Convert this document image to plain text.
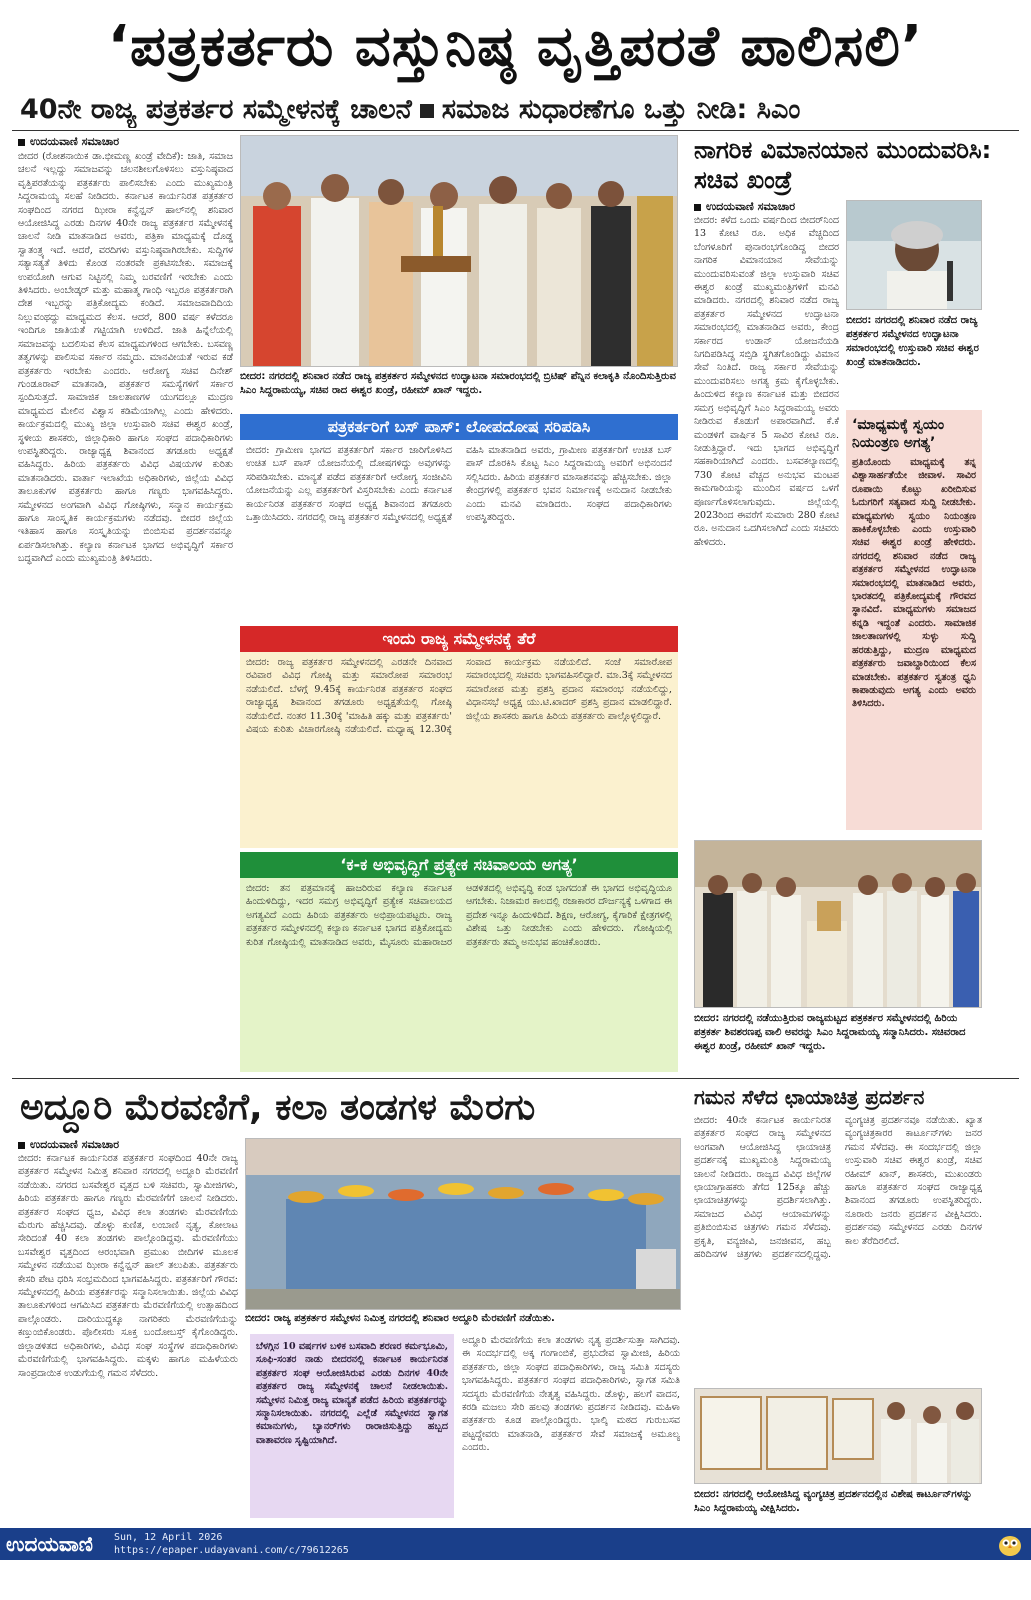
‘ಪತ್ರಕರ್ತರು ವಸ್ತುನಿಷ್ಠ ವೃತ್ತಿಪರತೆ ಪಾಲಿಸಲಿ’
40ನೇ ರಾಜ್ಯ ಪತ್ರಕರ್ತರ ಸಮ್ಮೇಳನಕ್ಕೆ ಚಾಲನೆ ಸಮಾಜ ಸುಧಾರಣೆಗೂ ಒತ್ತು ನೀಡಿ: ಸಿಎಂ
ಉದಯವಾಣಿ ಸಮಾಚಾರ
ಬೀದರ (ರೋಶನಾಯಿಕ ಡಾ.ಭೀಮಣ್ಣ ಖಂಡ್ರೆ ವೇದಿಕೆ): ಜಾತಿ, ಸಮಾಜ ಚಲನೆ ಇಲ್ಲದ್ದು ಸಮಾಜವನ್ನು ಚಲನಶೀಲಗೊಳಿಸಲು ವಸ್ತುನಿಷ್ಠವಾದ ವೃತ್ತಿಪರತೆಯನ್ನು ಪತ್ರಕರ್ತರು ಪಾಲಿಸಬೇಕು ಎಂದು ಮುಖ್ಯಮಂತ್ರಿ ಸಿದ್ದರಾಮಯ್ಯ ಸಲಹೆ ನೀಡಿದರು. ಕರ್ನಾಟಕ ಕಾರ್ಯನಿರತ ಪತ್ರಕರ್ತರ ಸಂಘದಿಂದ ನಗರದ ಝೀರಾ ಕನ್ವೆನ್ಷನ್ ಹಾಲ್‌ನಲ್ಲಿ ಶನಿವಾರ ಆಯೋಜಿಸಿದ್ದ ಎರಡು ದಿನಗಳ 40ನೇ ರಾಜ್ಯ ಪತ್ರಕರ್ತರ ಸಮ್ಮೇಳನಕ್ಕೆ ಚಾಲನೆ ನೀಡಿ ಮಾತನಾಡಿದ ಅವರು, ಪತ್ರಿಕಾ ಮಾಧ್ಯಮಕ್ಕೆ ದೊಡ್ಡ ಸ್ವಾತಂತ್ರ್ಯ ಇದೆ. ಆದರೆ, ವರದಿಗಳು ವಸ್ತುನಿಷ್ಠವಾಗಿರಬೇಕು. ಸುದ್ದಿಗಳ ಸತ್ಯಾಸತ್ಯತೆ ತಿಳಿದು ಕೊಂಡ ನಂತರವೇ ಪ್ರಕಟಿಸಬೇಕು. ಸಮಾಜಕ್ಕೆ ಉಪಯೋಗಿ ಆಗುವ ನಿಟ್ಟಿನಲ್ಲಿ ನಿಮ್ಮ ಬರವಣಿಗೆ ಇರಬೇಕು ಎಂದು ತಿಳಿಸಿದರು. ಅಂಬೇಡ್ಕರ್ ಮತ್ತು ಮಹಾತ್ಮ ಗಾಂಧಿ ಇಬ್ಬರೂ ಪತ್ರಕರ್ತರಾಗಿ ದೇಶ ಇಬ್ಬರನ್ನು ಪತ್ರಿಕೋದ್ಯಮ ಕಂಡಿದೆ. ಸಮಾಜವಾದಿದಿಯ ನಿಲ್ಲುವಂಥದ್ದು ಮಾಧ್ಯಮದ ಕೆಲಸ. ಆದರೆ, 800 ವರ್ಷ ಕಳೆದರೂ ಇಂದಿಗೂ ಜಾತಿಯತೆ ಗಟ್ಟಿಯಾಗಿ ಉಳಿದಿದೆ. ಜಾತಿ ಹಿನ್ನೆಲೆಯಲ್ಲಿ ಸಮಾಜವನ್ನು ಬದಲಿಸುವ ಕೆಲಸ ಮಾಧ್ಯಮಗಳಿಂದ ಆಗಬೇಕು. ಬಸವಣ್ಣ ತತ್ವಗಳನ್ನು ಪಾಲಿಸುವ ಸರ್ಕಾರ ನಮ್ಮದು. ಮಾನವೀಯತೆ ಇರುವ ಕಡೆ ಪತ್ರಕರ್ತರು ಇರಬೇಕು ಎಂದರು. ಆರೋಗ್ಯ ಸಚಿವ ದಿನೇಶ್ ಗುಂಡೂರಾವ್ ಮಾತನಾಡಿ, ಪತ್ರಕರ್ತರ ಸಮಸ್ಯೆಗಳಿಗೆ ಸರ್ಕಾರ ಸ್ಪಂದಿಸುತ್ತದೆ. ಸಾಮಾಜಿಕ ಜಾಲತಾಣಗಳ ಯುಗದಲ್ಲೂ ಮುದ್ರಣ ಮಾಧ್ಯಮದ ಮೇಲಿನ ವಿಶ್ವಾಸ ಕಡಿಮೆಯಾಗಿಲ್ಲ ಎಂದು ಹೇಳಿದರು. ಕಾರ್ಯಕ್ರಮದಲ್ಲಿ ಮುಖ್ಯ ಜಿಲ್ಲಾ ಉಸ್ತುವಾರಿ ಸಚಿವ ಈಶ್ವರ ಖಂಡ್ರೆ, ಸ್ಥಳೀಯ ಶಾಸಕರು, ಜಿಲ್ಲಾಧಿಕಾರಿ ಹಾಗೂ ಸಂಘದ ಪದಾಧಿಕಾರಿಗಳು ಉಪಸ್ಥಿತರಿದ್ದರು. ರಾಜ್ಯಾಧ್ಯಕ್ಷ ಶಿವಾನಂದ ತಗಡೂರು ಅಧ್ಯಕ್ಷತೆ ವಹಿಸಿದ್ದರು. ಹಿರಿಯ ಪತ್ರಕರ್ತರು ವಿವಿಧ ವಿಷಯಗಳ ಕುರಿತು ಮಾತನಾಡಿದರು. ವಾರ್ತಾ ಇಲಾಖೆಯ ಅಧಿಕಾರಿಗಳು, ಜಿಲ್ಲೆಯ ವಿವಿಧ ತಾಲೂಕುಗಳ ಪತ್ರಕರ್ತರು ಹಾಗೂ ಗಣ್ಯರು ಭಾಗವಹಿಸಿದ್ದರು. ಸಮ್ಮೇಳನದ ಅಂಗವಾಗಿ ವಿವಿಧ ಗೋಷ್ಠಿಗಳು, ಸನ್ಮಾನ ಕಾರ್ಯಕ್ರಮ ಹಾಗೂ ಸಾಂಸ್ಕೃತಿಕ ಕಾರ್ಯಕ್ರಮಗಳು ನಡೆದವು. ಬೀದರ ಜಿಲ್ಲೆಯ ಇತಿಹಾಸ ಹಾಗೂ ಸಂಸ್ಕೃತಿಯನ್ನು ಬಿಂಬಿಸುವ ಪ್ರದರ್ಶನವನ್ನೂ ಏರ್ಪಡಿಸಲಾಗಿತ್ತು. ಕಲ್ಯಾಣ ಕರ್ನಾಟಕ ಭಾಗದ ಅಭಿವೃದ್ಧಿಗೆ ಸರ್ಕಾರ ಬದ್ಧವಾಗಿದೆ ಎಂದು ಮುಖ್ಯಮಂತ್ರಿ ತಿಳಿಸಿದರು.
ಬೀದರ: ನಗರದಲ್ಲಿ ಶನಿವಾರ ನಡೆದ ರಾಜ್ಯ ಪತ್ರಕರ್ತರ ಸಮ್ಮೇಳನದ ಉದ್ಘಾಟನಾ ಸಮಾರಂಭದಲ್ಲಿ ಬ್ರಿಟಿಷ್ ಪೆನ್ನಿನ ಕಲಾಕೃತಿ ನೊಂದಿಸುತ್ತಿರುವ ಸಿಎಂ ಸಿದ್ದರಾಮಯ್ಯ, ಸಚಿವ ರಾದ ಈಶ್ವರ ಖಂಡ್ರೆ, ರಹೀಮ್ ಖಾನ್ ಇದ್ದರು.
ಪತ್ರಕರ್ತರಿಗೆ ಬಸ್ ಪಾಸ್: ಲೋಪದೋಷ ಸರಿಪಡಿಸಿ
ಬೀದರ: ಗ್ರಾಮೀಣ ಭಾಗದ ಪತ್ರಕರ್ತರಿಗೆ ಸರ್ಕಾರ ಜಾರಿಗೊಳಿಸಿದ ಉಚಿತ ಬಸ್ ಪಾಸ್ ಯೋಜನೆಯಲ್ಲಿ ದೋಷಗಳಿದ್ದು ಅವುಗಳನ್ನು ಸರಿಪಡಿಸಬೇಕು. ಮಾನ್ಯತೆ ಪಡೆದ ಪತ್ರಕರ್ತರಿಗೆ ಆರೋಗ್ಯ ಸಂಜೀವಿನಿ ಯೋಜನೆಯನ್ನು ಎಲ್ಲ ಪತ್ರಕರ್ತರಿಗೆ ವಿಸ್ತರಿಸಬೇಕು ಎಂದು ಕರ್ನಾಟಕ ಕಾರ್ಯನಿರತ ಪತ್ರಕರ್ತರ ಸಂಘದ ಅಧ್ಯಕ್ಷ ಶಿವಾನಂದ ತಗಡೂರು ಒತ್ತಾಯಿಸಿದರು. ನಗರದಲ್ಲಿ ರಾಜ್ಯ ಪತ್ರಕರ್ತರ ಸಮ್ಮೇಳನದಲ್ಲಿ ಅಧ್ಯಕ್ಷತೆ ವಹಿಸಿ ಮಾತನಾಡಿದ ಅವರು, ಗ್ರಾಮೀಣ ಪತ್ರಕರ್ತರಿಗೆ ಉಚಿತ ಬಸ್ ಪಾಸ್ ದೊರಕಿಸಿ ಕೊಟ್ಟ ಸಿಎಂ ಸಿದ್ದರಾಮಯ್ಯ ಅವರಿಗೆ ಅಭಿನಂದನೆ ಸಲ್ಲಿಸಿದರು. ಹಿರಿಯ ಪತ್ರಕರ್ತರ ಮಾಸಾಶನವನ್ನು ಹೆಚ್ಚಿಸಬೇಕು. ಜಿಲ್ಲಾ ಕೇಂದ್ರಗಳಲ್ಲಿ ಪತ್ರಕರ್ತರ ಭವನ ನಿರ್ಮಾಣಕ್ಕೆ ಅನುದಾನ ನೀಡಬೇಕು ಎಂದು ಮನವಿ ಮಾಡಿದರು. ಸಂಘದ ಪದಾಧಿಕಾರಿಗಳು ಉಪಸ್ಥಿತರಿದ್ದರು.
ಇಂದು ರಾಜ್ಯ ಸಮ್ಮೇಳನಕ್ಕೆ ತೆರೆ
ಬೀದರ: ರಾಜ್ಯ ಪತ್ರಕರ್ತರ ಸಮ್ಮೇಳನದಲ್ಲಿ ಎರಡನೇ ದಿನವಾದ ರವಿವಾರ ವಿವಿಧ ಗೋಷ್ಠಿ ಮತ್ತು ಸಮಾರೋಪ ಸಮಾರಂಭ ನಡೆಯಲಿದೆ. ಬೆಳಗ್ಗೆ 9.45ಕ್ಕೆ ಕಾರ್ಯನಿರತ ಪತ್ರಕರ್ತರ ಸಂಘದ ರಾಜ್ಯಾಧ್ಯಕ್ಷ ಶಿವಾನಂದ ತಗಡೂರು ಅಧ್ಯಕ್ಷತೆಯಲ್ಲಿ ಗೋಷ್ಠಿ ನಡೆಯಲಿದೆ. ನಂತರ 11.30ಕ್ಕೆ 'ಮಾಹಿತಿ ಹಕ್ಕು ಮತ್ತು ಪತ್ರಕರ್ತರು' ವಿಷಯ ಕುರಿತು ವಿಚಾರಗೋಷ್ಠಿ ನಡೆಯಲಿದೆ. ಮಧ್ಯಾಹ್ನ 12.30ಕ್ಕೆ ಸಂವಾದ ಕಾರ್ಯಕ್ರಮ ನಡೆಯಲಿದೆ. ಸಂಜೆ ಸಮಾರೋಪ ಸಮಾರಂಭದಲ್ಲಿ ಸಚಿವರು ಭಾಗವಹಿಸಲಿದ್ದಾರೆ. ಮಾ.3ಕ್ಕೆ ಸಮ್ಮೇಳನದ ಸಮಾರೋಪ ಮತ್ತು ಪ್ರಶಸ್ತಿ ಪ್ರದಾನ ಸಮಾರಂಭ ನಡೆಯಲಿದ್ದು, ವಿಧಾನಸಭೆ ಅಧ್ಯಕ್ಷ ಯು.ಟಿ.ಖಾದರ್ ಪ್ರಶಸ್ತಿ ಪ್ರದಾನ ಮಾಡಲಿದ್ದಾರೆ. ಜಿಲ್ಲೆಯ ಶಾಸಕರು ಹಾಗೂ ಹಿರಿಯ ಪತ್ರಕರ್ತರು ಪಾಲ್ಗೊಳ್ಳಲಿದ್ದಾರೆ.
‘ಕ-ಕ ಅಭಿವೃದ್ಧಿಗೆ ಪ್ರತ್ಯೇಕ ಸಚಿವಾಲಯ ಅಗತ್ಯ’
ಬೀದರ: ತನ ಪತ್ರಮಾನಕ್ಕೆ ಹಾಜರಿರುವ ಕಲ್ಯಾಣ ಕರ್ನಾಟಕ ಹಿಂದುಳಿದಿದ್ದು, ಇದರ ಸಮಗ್ರ ಅಭಿವೃದ್ಧಿಗೆ ಪ್ರತ್ಯೇಕ ಸಚಿವಾಲಯದ ಅಗತ್ಯವಿದೆ ಎಂದು ಹಿರಿಯ ಪತ್ರಕರ್ತರು ಅಭಿಪ್ರಾಯಪಟ್ಟರು. ರಾಜ್ಯ ಪತ್ರಕರ್ತರ ಸಮ್ಮೇಳನದಲ್ಲಿ ಕಲ್ಯಾಣ ಕರ್ನಾಟಕ ಭಾಗದ ಪತ್ರಿಕೋದ್ಯಮ ಕುರಿತ ಗೋಷ್ಠಿಯಲ್ಲಿ ಮಾತನಾಡಿದ ಅವರು, ಮೈಸೂರು ಮಹಾರಾಜರ ಆಡಳಿತದಲ್ಲಿ ಅಭಿವೃದ್ಧಿ ಕಂಡ ಭಾಗದಂತೆ ಈ ಭಾಗದ ಅಭಿವೃದ್ಧಿಯೂ ಆಗಬೇಕು. ನಿಜಾಮರ ಕಾಲದಲ್ಲಿ ರಜಾಕಾರರ ದೌರ್ಜನ್ಯಕ್ಕೆ ಒಳಗಾದ ಈ ಪ್ರದೇಶ ಇನ್ನೂ ಹಿಂದುಳಿದಿದೆ. ಶಿಕ್ಷಣ, ಆರೋಗ್ಯ, ಕೈಗಾರಿಕೆ ಕ್ಷೇತ್ರಗಳಲ್ಲಿ ವಿಶೇಷ ಒತ್ತು ನೀಡಬೇಕು ಎಂದು ಹೇಳಿದರು. ಗೋಷ್ಠಿಯಲ್ಲಿ ಪತ್ರಕರ್ತರು ತಮ್ಮ ಅನುಭವ ಹಂಚಿಕೊಂಡರು.
ನಾಗರಿಕ ವಿಮಾನಯಾನ ಮುಂದುವರಿಸಿ: ಸಚಿವ ಖಂಡ್ರೆ
ಉದಯವಾಣಿ ಸಮಾಚಾರ
ಬೀದರ: ಕಳೆದ ಒಂದು ವರ್ಷದಿಂದ ಬೀದರ್‌ನಿಂದ 13 ಕೋಟಿ ರೂ. ಅಧಿಕ ವೆಚ್ಚದಿಂದ ಬೆಂಗಳೂರಿಗೆ ಪುನಾರಂಭಗೊಂಡಿದ್ದ ಬೀದರ ನಾಗರಿಕ ವಿಮಾನಯಾನ ಸೇವೆಯನ್ನು ಮುಂದುವರಿಸುವಂತೆ ಜಿಲ್ಲಾ ಉಸ್ತುವಾರಿ ಸಚಿವ ಈಶ್ವರ ಖಂಡ್ರೆ ಮುಖ್ಯಮಂತ್ರಿಗಳಿಗೆ ಮನವಿ ಮಾಡಿದರು. ನಗರದಲ್ಲಿ ಶನಿವಾರ ನಡೆದ ರಾಜ್ಯ ಪತ್ರಕರ್ತರ ಸಮ್ಮೇಳನದ ಉದ್ಘಾಟನಾ ಸಮಾರಂಭದಲ್ಲಿ ಮಾತನಾಡಿದ ಅವರು, ಕೇಂದ್ರ ಸರ್ಕಾರದ ಉಡಾನ್ ಯೋಜನೆಯಡಿ ನಿಗದಿಪಡಿಸಿದ್ದ ಸಬ್ಸಿಡಿ ಸ್ಥಗಿತಗೊಂಡಿದ್ದು ವಿಮಾನ ಸೇವೆ ನಿಂತಿದೆ. ರಾಜ್ಯ ಸರ್ಕಾರ ಸೇವೆಯನ್ನು ಮುಂದುವರಿಸಲು ಅಗತ್ಯ ಕ್ರಮ ಕೈಗೊಳ್ಳಬೇಕು. ಹಿಂದುಳಿದ ಕಲ್ಯಾಣ ಕರ್ನಾಟಕ ಮತ್ತು ಬೀದರನ ಸಮಗ್ರ ಅಭಿವೃದ್ಧಿಗೆ ಸಿಎಂ ಸಿದ್ದರಾಮಯ್ಯ ಅವರು ನೀಡಿರುವ ಕೊಡುಗೆ ಅಪಾರವಾಗಿದೆ. ಕೆ.ಕೆ ಮಂಡಳಿಗೆ ವಾರ್ಷಿಕ 5 ಸಾವಿರ ಕೋಟಿ ರೂ. ನೀಡುತ್ತಿದ್ದಾರೆ. ಇದು ಭಾಗದ ಅಭಿವೃದ್ಧಿಗೆ ಸಹಕಾರಿಯಾಗಿದೆ ಎಂದರು. ಬಸವಕಲ್ಯಾಣದಲ್ಲಿ 730 ಕೋಟಿ ವೆಚ್ಚದ ಅನುಭವ ಮಂಟಪ ಕಾಮಗಾರಿಯನ್ನು ಮುಂದಿನ ವರ್ಷದ ಒಳಗೆ ಪೂರ್ಣಗೊಳಿಸಲಾಗುವುದು. ಜಿಲ್ಲೆಯಲ್ಲಿ 2023ರಿಂದ ಈವರೆಗೆ ಸುಮಾರು 280 ಕೋಟಿ ರೂ. ಅನುದಾನ ಒದಗಿಸಲಾಗಿದೆ ಎಂದು ಸಚಿವರು ಹೇಳಿದರು.
ಬೀದರ: ನಗರದಲ್ಲಿ ಶನಿವಾರ ನಡೆದ ರಾಜ್ಯ ಪತ್ರಕರ್ತರ ಸಮ್ಮೇಳನದ ಉದ್ಘಾಟನಾ ಸಮಾರಂಭದಲ್ಲಿ ಉಸ್ತುವಾರಿ ಸಚಿವ ಈಶ್ವರ ಖಂಡ್ರೆ ಮಾತನಾಡಿದರು.
‘ಮಾಧ್ಯಮಕ್ಕೆ ಸ್ವಯಂ ನಿಯಂತ್ರಣ ಅಗತ್ಯ’
ಪ್ರತಿಯೊಂದು ಮಾಧ್ಯಮಕ್ಕೆ ತನ್ನ ವಿಶ್ವಾಸಾರ್ಹತೆಯೇ ಜೀವಾಳ. ಸಾವಿರ ರೂಪಾಯಿ ಕೊಟ್ಟು ಖರೀದಿಸುವ ಓದುಗರಿಗೆ ಸತ್ಯವಾದ ಸುದ್ದಿ ನೀಡಬೇಕು. ಮಾಧ್ಯಮಗಳು ಸ್ವಯಂ ನಿಯಂತ್ರಣ ಹಾಕಿಕೊಳ್ಳಬೇಕು ಎಂದು ಉಸ್ತುವಾರಿ ಸಚಿವ ಈಶ್ವರ ಖಂಡ್ರೆ ಹೇಳಿದರು. ನಗರದಲ್ಲಿ ಶನಿವಾರ ನಡೆದ ರಾಜ್ಯ ಪತ್ರಕರ್ತರ ಸಮ್ಮೇಳನದ ಉದ್ಘಾಟನಾ ಸಮಾರಂಭದಲ್ಲಿ ಮಾತನಾಡಿದ ಅವರು, ಭಾರತದಲ್ಲಿ ಪತ್ರಿಕೋದ್ಯಮಕ್ಕೆ ಗೌರವದ ಸ್ಥಾನವಿದೆ. ಮಾಧ್ಯಮಗಳು ಸಮಾಜದ ಕನ್ನಡಿ ಇದ್ದಂತೆ ಎಂದರು. ಸಾಮಾಜಿಕ ಜಾಲತಾಣಗಳಲ್ಲಿ ಸುಳ್ಳು ಸುದ್ದಿ ಹರಡುತ್ತಿದ್ದು, ಮುದ್ರಣ ಮಾಧ್ಯಮದ ಪತ್ರಕರ್ತರು ಜವಾಬ್ದಾರಿಯಿಂದ ಕೆಲಸ ಮಾಡಬೇಕು. ಪತ್ರಕರ್ತರ ಸ್ವತಂತ್ರ ಧ್ವನಿ ಕಾಪಾಡುವುದು ಅಗತ್ಯ ಎಂದು ಅವರು ತಿಳಿಸಿದರು.
ಬೀದರ: ನಗರದಲ್ಲಿ ನಡೆಯುತ್ತಿರುವ ರಾಜ್ಯಮಟ್ಟದ ಪತ್ರಕರ್ತರ ಸಮ್ಮೇಳನದಲ್ಲಿ ಹಿರಿಯ ಪತ್ರಕರ್ತ ಶಿವಶರಣಪ್ಪ ವಾಲಿ ಅವರನ್ನು ಸಿಎಂ ಸಿದ್ದರಾಮಯ್ಯ ಸನ್ಮಾನಿಸಿದರು. ಸಚಿವರಾದ ಈಶ್ವರ ಖಂಡ್ರೆ, ರಹೀಮ್ ಖಾನ್ ಇದ್ದರು.
ಅದ್ದೂರಿ ಮೆರವಣಿಗೆ, ಕಲಾ ತಂಡಗಳ ಮೆರಗು
ಉದಯವಾಣಿ ಸಮಾಚಾರ
ಬೀದರ: ಕರ್ನಾಟಕ ಕಾರ್ಯನಿರತ ಪತ್ರಕರ್ತರ ಸಂಘದಿಂದ 40ನೇ ರಾಜ್ಯ ಪತ್ರಕರ್ತರ ಸಮ್ಮೇಳನ ನಿಮಿತ್ತ ಶನಿವಾರ ನಗರದಲ್ಲಿ ಅದ್ದೂರಿ ಮೆರವಣಿಗೆ ನಡೆಯಿತು. ನಗರದ ಬಸವೇಶ್ವರ ವೃತ್ತದ ಬಳಿ ಸಚಿವರು, ಸ್ವಾಮೀಜಿಗಳು, ಹಿರಿಯ ಪತ್ರಕರ್ತರು ಹಾಗೂ ಗಣ್ಯರು ಮೆರವಣಿಗೆಗೆ ಚಾಲನೆ ನೀಡಿದರು. ಪತ್ರಕರ್ತರ ಸಂಘದ ಧ್ವಜ, ವಿವಿಧ ಕಲಾ ತಂಡಗಳು ಮೆರವಣಿಗೆಯ ಮೆರುಗು ಹೆಚ್ಚಿಸಿದವು. ಡೊಳ್ಳು ಕುಣಿತ, ಲಂಬಾಣಿ ನೃತ್ಯ, ಕೋಲಾಟ ಸೇರಿದಂತೆ 40 ಕಲಾ ತಂಡಗಳು ಪಾಲ್ಗೊಂಡಿದ್ದವು. ಮೆರವಣಿಗೆಯು ಬಸವೇಶ್ವರ ವೃತ್ತದಿಂದ ಆರಂಭವಾಗಿ ಪ್ರಮುಖ ಬೀದಿಗಳ ಮೂಲಕ ಸಮ್ಮೇಳನ ನಡೆಯುವ ಝೀರಾ ಕನ್ವೆನ್ಷನ್ ಹಾಲ್ ತಲುಪಿತು. ಪತ್ರಕರ್ತರು ಕೇಸರಿ ಪೇಟ ಧರಿಸಿ ಸಂಭ್ರಮದಿಂದ ಭಾಗವಹಿಸಿದ್ದರು. ಪತ್ರಕರ್ತರಿಗೆ ಗೌರವ: ಸಮ್ಮೇಳನದಲ್ಲಿ ಹಿರಿಯ ಪತ್ರಕರ್ತರನ್ನು ಸನ್ಮಾನಿಸಲಾಯಿತು. ಜಿಲ್ಲೆಯ ವಿವಿಧ ತಾಲೂಕುಗಳಿಂದ ಆಗಮಿಸಿದ ಪತ್ರಕರ್ತರು ಮೆರವಣಿಗೆಯಲ್ಲಿ ಉತ್ಸಾಹದಿಂದ ಪಾಲ್ಗೊಂಡರು. ದಾರಿಯುದ್ದಕ್ಕೂ ನಾಗರಿಕರು ಮೆರವಣಿಗೆಯನ್ನು ಕಣ್ತುಂಬಿಕೊಂಡರು. ಪೊಲೀಸರು ಸೂಕ್ತ ಬಂದೋಬಸ್ತ್ ಕೈಗೊಂಡಿದ್ದರು. ಜಿಲ್ಲಾಡಳಿತದ ಅಧಿಕಾರಿಗಳು, ವಿವಿಧ ಸಂಘ ಸಂಸ್ಥೆಗಳ ಪದಾಧಿಕಾರಿಗಳು ಮೆರವಣಿಗೆಯಲ್ಲಿ ಭಾಗವಹಿಸಿದ್ದರು. ಮಕ್ಕಳು ಹಾಗೂ ಮಹಿಳೆಯರು ಸಾಂಪ್ರದಾಯಿಕ ಉಡುಗೆಯಲ್ಲಿ ಗಮನ ಸೆಳೆದರು.
ಬೀದರ: ರಾಜ್ಯ ಪತ್ರಕರ್ತರ ಸಮ್ಮೇಳನ ನಿಮಿತ್ತ ನಗರದಲ್ಲಿ ಶನಿವಾರ ಅದ್ದೂರಿ ಮೆರವಣಿಗೆ ನಡೆಯಿತು.
ಬೆಳಗ್ಗಿನ 10 ವರ್ಷಗಳ ಬಳಿಕ ಬಸವಾದಿ ಶರಣರ ಕರ್ಮಭೂಮಿ, ಸೂಫಿ-ಸಂತರ ನಾಡು ಬೀದರನಲ್ಲಿ ಕರ್ನಾಟಕ ಕಾರ್ಯನಿರತ ಪತ್ರಕರ್ತರ ಸಂಘ ಆಯೋಜಿಸಿರುವ ಎರಡು ದಿನಗಳ 40ನೇ ಪತ್ರಕರ್ತರ ರಾಜ್ಯ ಸಮ್ಮೇಳನಕ್ಕೆ ಚಾಲನೆ ನೀಡಲಾಯಿತು. ಸಮ್ಮೇಳನ ನಿಮಿತ್ತ ರಾಜ್ಯ ಮಾನ್ಯತೆ ಪಡೆದ ಹಿರಿಯ ಪತ್ರಕರ್ತರನ್ನು ಸನ್ಮಾನಿಸಲಾಯಿತು. ನಗರದಲ್ಲಿ ಎಲ್ಲೆಡೆ ಸಮ್ಮೇಳನದ ಸ್ವಾಗತ ಕಮಾನುಗಳು, ಬ್ಯಾನರ್‌ಗಳು ರಾರಾಜಿಸುತ್ತಿದ್ದು ಹಬ್ಬದ ವಾತಾವರಣ ಸೃಷ್ಟಿಯಾಗಿದೆ.
ಅದ್ದೂರಿ ಮೆರವಣಿಗೆಯ ಕಲಾ ತಂಡಗಳು ನೃತ್ಯ ಪ್ರದರ್ಶಿಸುತ್ತಾ ಸಾಗಿದವು. ಈ ಸಂದರ್ಭದಲ್ಲಿ ಅಕ್ಕ ಗಂಗಾಂಬಿಕೆ, ಪ್ರಭುದೇವ ಸ್ವಾಮೀಜಿ, ಹಿರಿಯ ಪತ್ರಕರ್ತರು, ಜಿಲ್ಲಾ ಸಂಘದ ಪದಾಧಿಕಾರಿಗಳು, ರಾಜ್ಯ ಸಮಿತಿ ಸದಸ್ಯರು ಭಾಗವಹಿಸಿದ್ದರು. ಪತ್ರಕರ್ತರ ಸಂಘದ ಪದಾಧಿಕಾರಿಗಳು, ಸ್ವಾಗತ ಸಮಿತಿ ಸದಸ್ಯರು ಮೆರವಣಿಗೆಯ ನೇತೃತ್ವ ವಹಿಸಿದ್ದರು. ಡೊಳ್ಳು, ಹಲಗೆ ವಾದನ, ಕರಡಿ ಮಜಲು ಸೇರಿ ಹಲವು ತಂಡಗಳು ಪ್ರದರ್ಶನ ನೀಡಿದವು. ಮಹಿಳಾ ಪತ್ರಕರ್ತರು ಕೂಡ ಪಾಲ್ಗೊಂಡಿದ್ದರು. ಭಾಲ್ಕಿ ಮಠದ ಗುರುಬಸವ ಪಟ್ಟದ್ದೇವರು ಮಾತನಾಡಿ, ಪತ್ರಕರ್ತರ ಸೇವೆ ಸಮಾಜಕ್ಕೆ ಅಮೂಲ್ಯ ಎಂದರು.
ಗಮನ ಸೆಳೆದ ಛಾಯಾಚಿತ್ರ ಪ್ರದರ್ಶನ
ಬೀದರ: 40ನೇ ಕರ್ನಾಟಕ ಕಾರ್ಯನಿರತ ಪತ್ರಕರ್ತರ ಸಂಘದ ರಾಜ್ಯ ಸಮ್ಮೇಳನದ ಅಂಗವಾಗಿ ಆಯೋಜಿಸಿದ್ದ ಛಾಯಾಚಿತ್ರ ಪ್ರದರ್ಶನಕ್ಕೆ ಮುಖ್ಯಮಂತ್ರಿ ಸಿದ್ದರಾಮಯ್ಯ ಚಾಲನೆ ನೀಡಿದರು. ರಾಜ್ಯದ ವಿವಿಧ ಜಿಲ್ಲೆಗಳ ಛಾಯಾಗ್ರಾಹಕರು ತೆಗೆದ 125ಕ್ಕೂ ಹೆಚ್ಚು ಛಾಯಾಚಿತ್ರಗಳನ್ನು ಪ್ರದರ್ಶಿಸಲಾಗಿತ್ತು. ಸಮಾಜದ ವಿವಿಧ ಆಯಾಮಗಳನ್ನು ಪ್ರತಿಬಿಂಬಿಸುವ ಚಿತ್ರಗಳು ಗಮನ ಸೆಳೆದವು. ಪ್ರಕೃತಿ, ವನ್ಯಜೀವಿ, ಜನಜೀವನ, ಹಬ್ಬ ಹರಿದಿನಗಳ ಚಿತ್ರಗಳು ಪ್ರದರ್ಶನದಲ್ಲಿದ್ದವು. ವ್ಯಂಗ್ಯಚಿತ್ರ ಪ್ರದರ್ಶನವೂ ನಡೆಯಿತು. ಖ್ಯಾತ ವ್ಯಂಗ್ಯಚಿತ್ರಕಾರರ ಕಾರ್ಟೂನ್‌ಗಳು ಜನರ ಗಮನ ಸೆಳೆದವು. ಈ ಸಂದರ್ಭದಲ್ಲಿ ಜಿಲ್ಲಾ ಉಸ್ತುವಾರಿ ಸಚಿವ ಈಶ್ವರ ಖಂಡ್ರೆ, ಸಚಿವ ರಹೀಮ್ ಖಾನ್, ಶಾಸಕರು, ಮುಖಂಡರು ಹಾಗೂ ಪತ್ರಕರ್ತರ ಸಂಘದ ರಾಜ್ಯಾಧ್ಯಕ್ಷ ಶಿವಾನಂದ ತಗಡೂರು ಉಪಸ್ಥಿತರಿದ್ದರು. ನೂರಾರು ಜನರು ಪ್ರದರ್ಶನ ವೀಕ್ಷಿಸಿದರು. ಪ್ರದರ್ಶನವು ಸಮ್ಮೇಳನದ ಎರಡು ದಿನಗಳ ಕಾಲ ತೆರೆದಿರಲಿದೆ.
ಬೀದರ: ನಗರದಲ್ಲಿ ಆಯೋಜಿಸಿದ್ದ ವ್ಯಂಗ್ಯಚಿತ್ರ ಪ್ರದರ್ಶನದಲ್ಲಿನ ವಿಶೇಷ ಕಾರ್ಟೂನ್‌ಗಳನ್ನು ಸಿಎಂ ಸಿದ್ದರಾಮಯ್ಯ ವೀಕ್ಷಿಸಿದರು.
ಉದಯವಾಣಿ	Sun, 12 April 2026
https://epaper.udayavani.com/c/79612265
